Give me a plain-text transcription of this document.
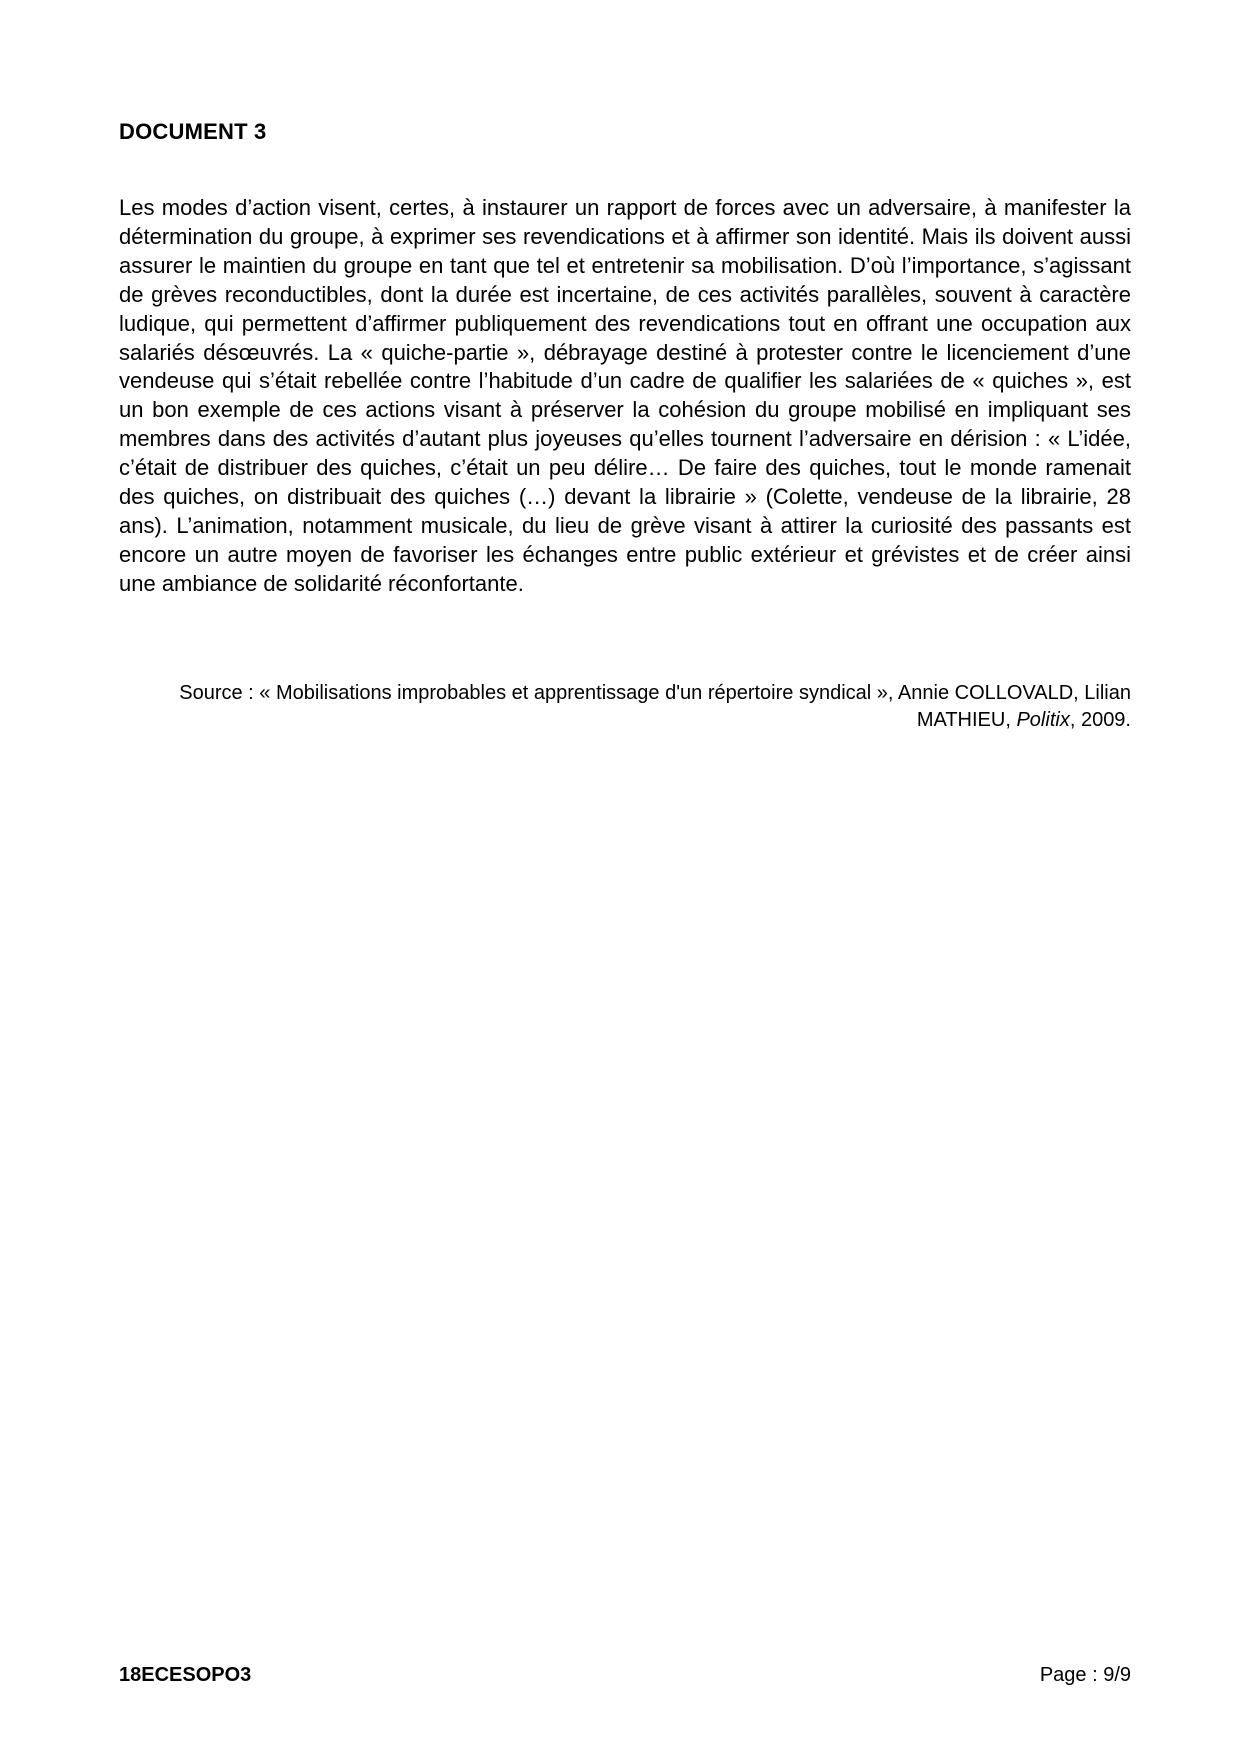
DOCUMENT 3

Les modes d’action visent, certes, à instaurer un rapport de forces avec un adversaire, à manifester la détermination du groupe, à exprimer ses revendications et à affirmer son identité. Mais ils doivent aussi assurer le maintien du groupe en tant que tel et entretenir sa mobilisation. D’où l’importance, s’agissant de grèves reconductibles, dont la durée est incertaine, de ces activités parallèles, souvent à caractère ludique, qui permettent d’affirmer publiquement des revendications tout en offrant une occupation aux salariés désœuvrés. La « quiche-partie », débrayage destiné à protester contre le licenciement d’une vendeuse qui s’était rebellée contre l’habitude d’un cadre de qualifier les salariées de « quiches », est un bon exemple de ces actions visant à préserver la cohésion du groupe mobilisé en impliquant ses membres dans des activités d’autant plus joyeuses qu’elles tournent l’adversaire en dérision : « L’idée, c’était de distribuer des quiches, c’était un peu délire… De faire des quiches, tout le monde ramenait des quiches, on distribuait des quiches (…) devant la librairie » (Colette, vendeuse de la librairie, 28 ans). L’animation, notamment musicale, du lieu de grève visant à attirer la curiosité des passants est encore un autre moyen de favoriser les échanges entre public extérieur et grévistes et de créer ainsi une ambiance de solidarité réconfortante.

Source : « Mobilisations improbables et apprentissage d'un répertoire syndical », Annie COLLOVALD, Lilian MATHIEU, Politix, 2009.

18ECESOPO3	Page : 9/9
